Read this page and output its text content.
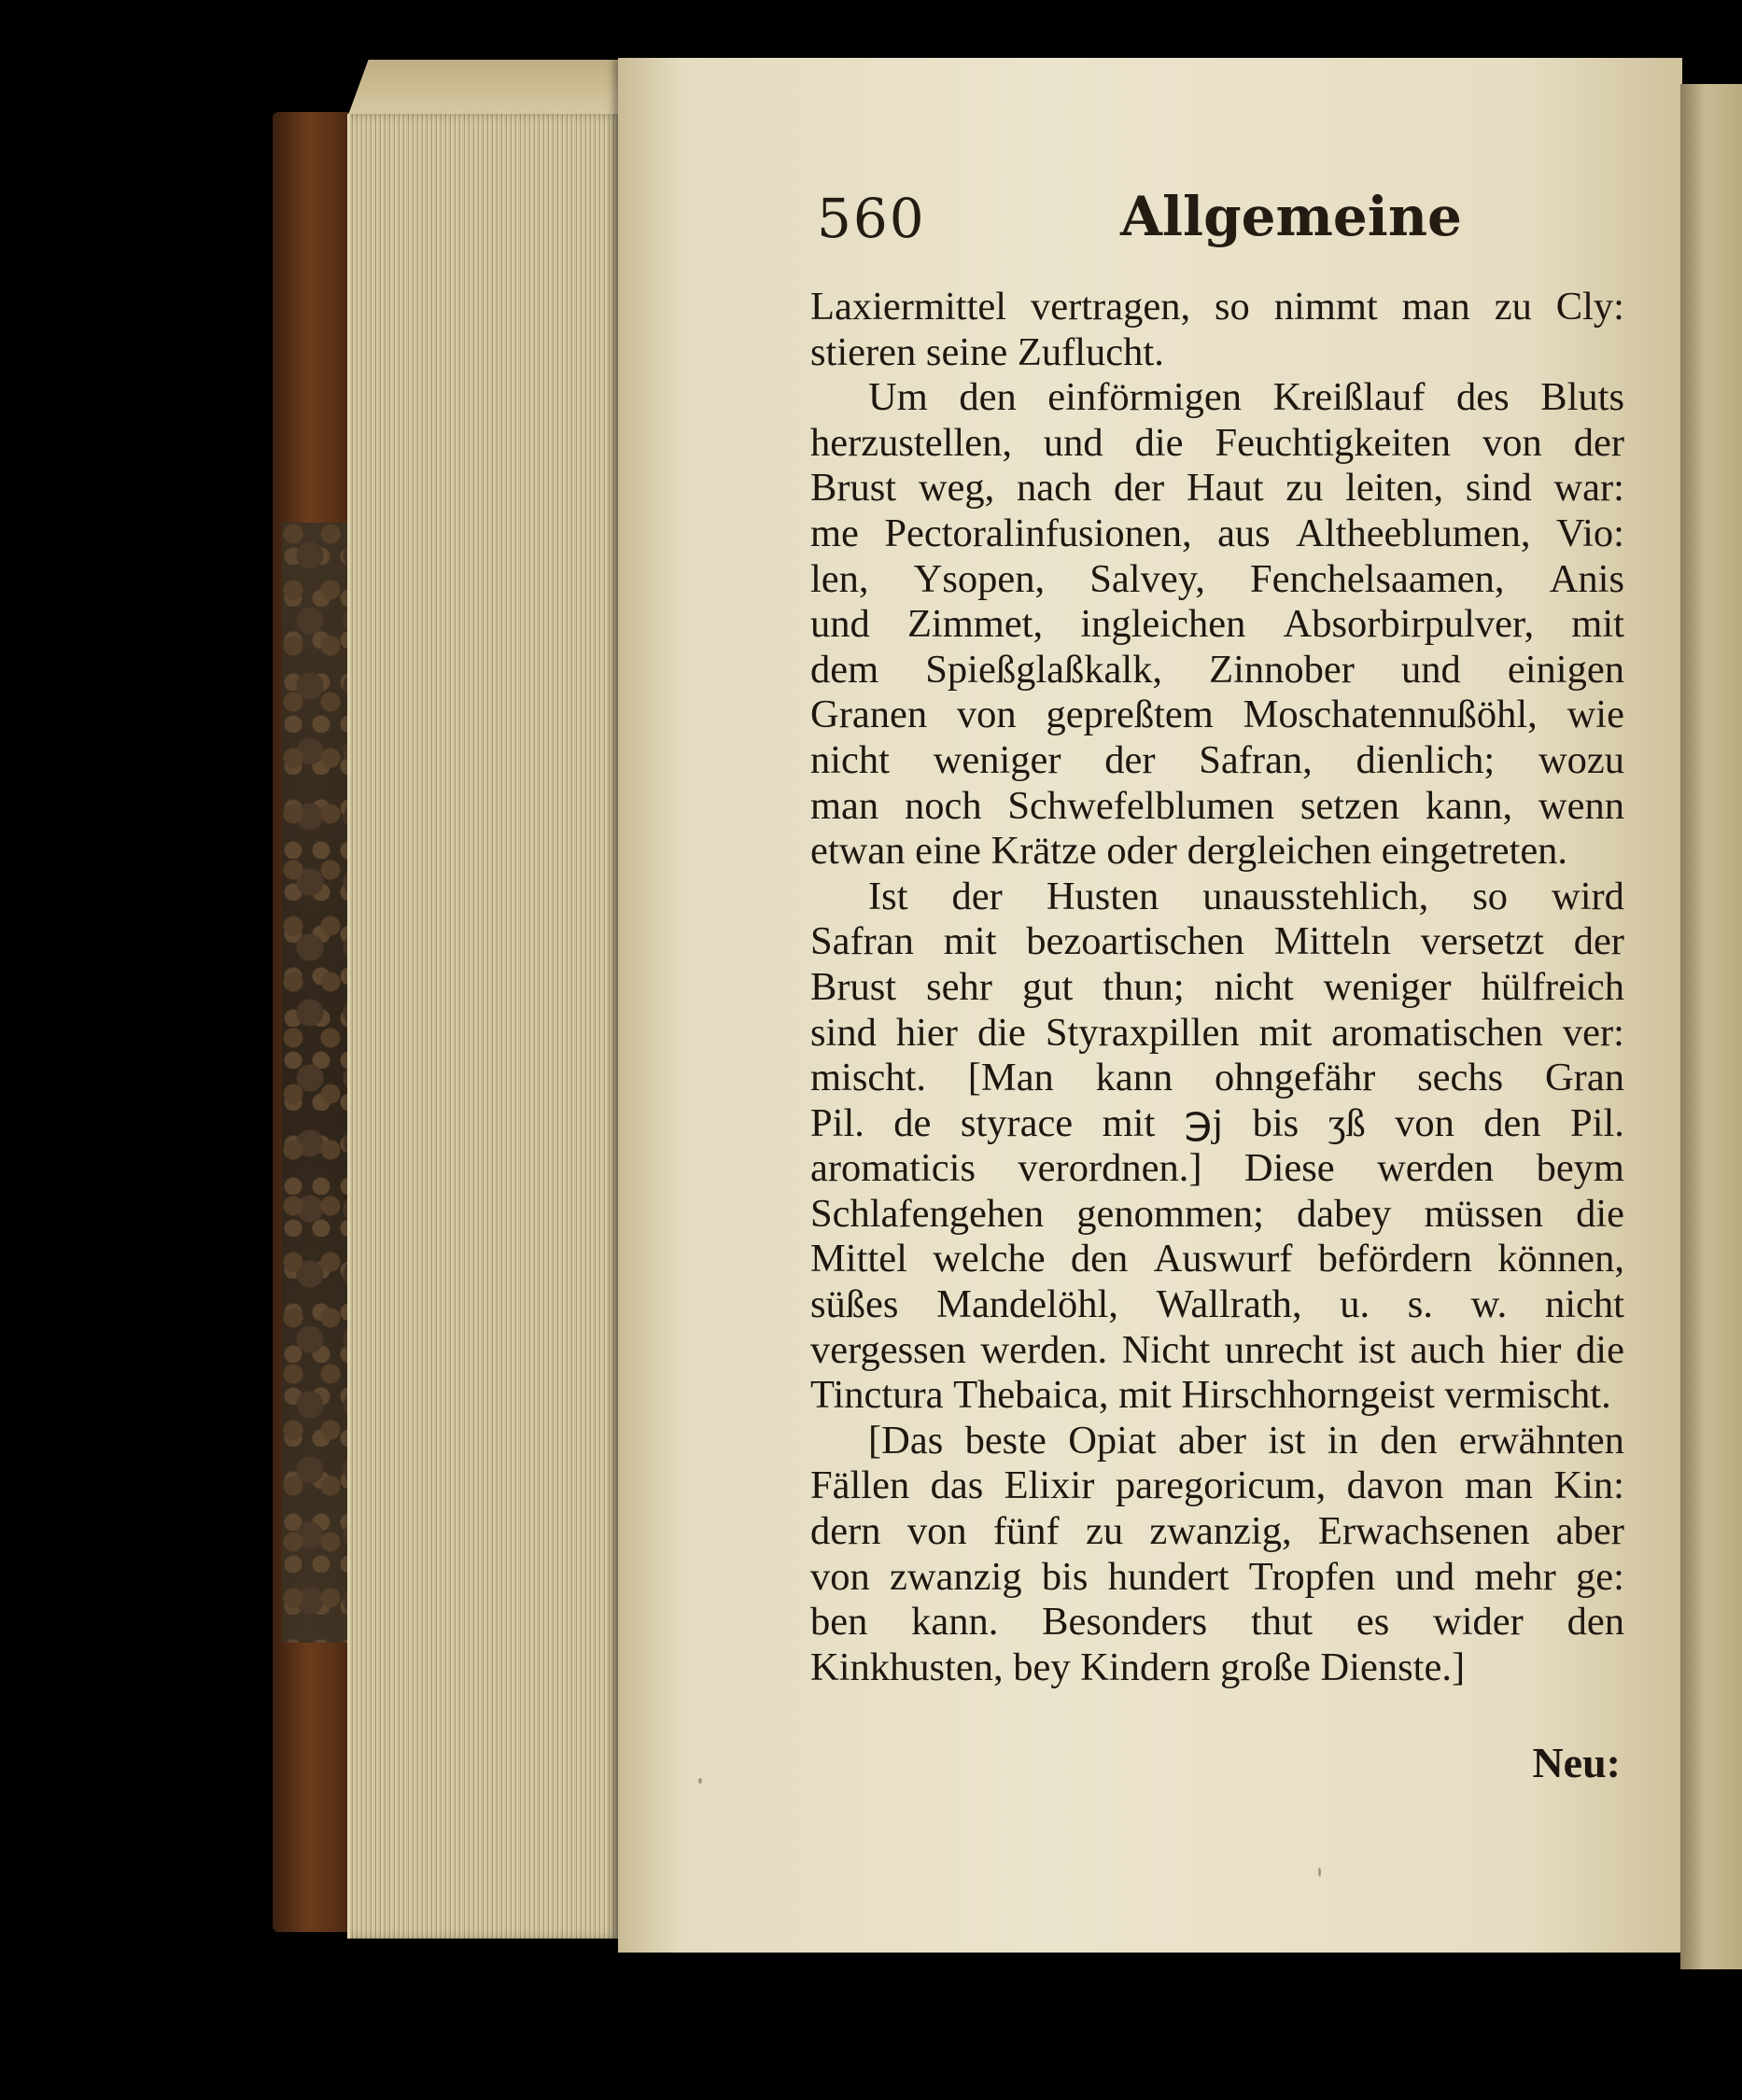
560	Allgemeine
Laxiermittel vertragen, so nimmt man zu Cly:
stieren seine Zuflucht.
Um den einförmigen Kreißlauf des Bluts
herzustellen, und die Feuchtigkeiten von der
Brust weg, nach der Haut zu leiten, sind war:
me Pectoralinfusionen, aus Altheeblumen, Vio:
len, Ysopen, Salvey, Fenchelsaamen, Anis
und Zimmet, ingleichen Absorbirpulver, mit
dem Spießglaßkalk, Zinnober und einigen
Granen von gepreßtem Moschatennußöhl, wie
nicht weniger der Safran, dienlich; wozu
man noch Schwefelblumen setzen kann, wenn
etwan eine Krätze oder dergleichen eingetreten.
Ist der Husten unausstehlich, so wird
Safran mit bezoartischen Mitteln versetzt der
Brust sehr gut thun; nicht weniger hülfreich
sind hier die Styraxpillen mit aromatischen ver:
mischt. [Man kann ohngefähr sechs Gran
Pil. de styrace mit ℈j bis ʒß von den Pil.
aromaticis verordnen.] Diese werden beym
Schlafengehen genommen; dabey müssen die
Mittel welche den Auswurf befördern können,
süßes Mandelöhl, Wallrath, u. s. w. nicht
vergessen werden. Nicht unrecht ist auch hier die
Tinctura Thebaica, mit Hirschhorngeist vermischt.
[Das beste Opiat aber ist in den erwähnten
Fällen das Elixir paregoricum, davon man Kin:
dern von fünf zu zwanzig, Erwachsenen aber
von zwanzig bis hundert Tropfen und mehr ge:
ben kann. Besonders thut es wider den
Kinkhusten, bey Kindern große Dienste.]
Neu:
